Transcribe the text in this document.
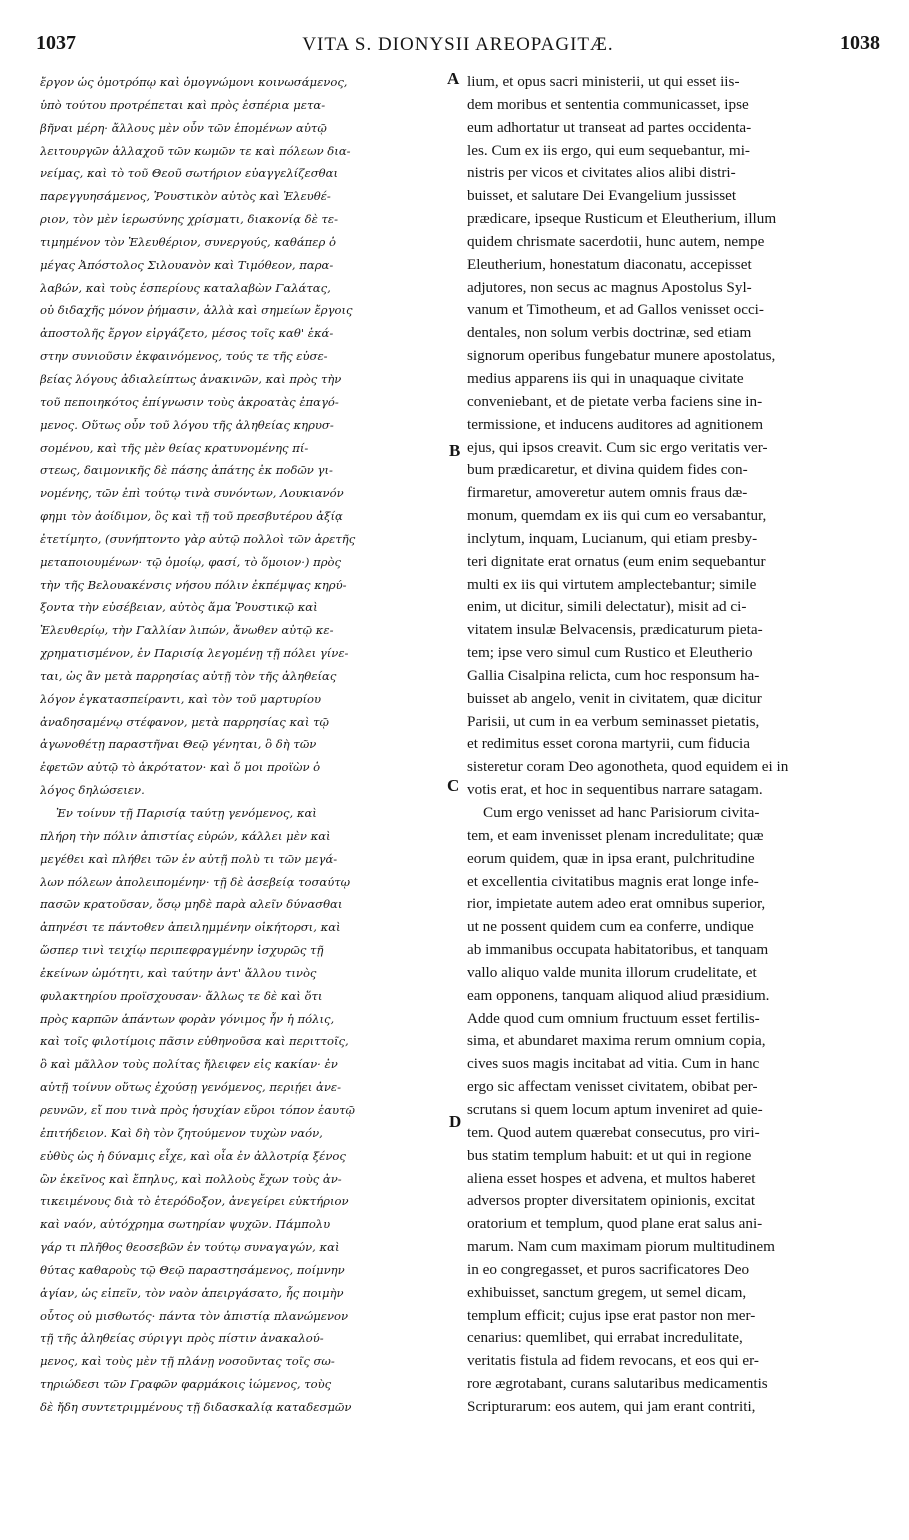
1037	VITA S. DIONYSII AREOPAGITÆ.	1038
ἔργον ὡς ὁμοτρόπῳ καὶ ὁμογνώμονι κοινωσάμενος,
ὑπὸ τούτου προτρέπεται καὶ πρὸς ἑσπέρια μετα-
βῆναι μέρη· ἄλλους μὲν οὖν τῶν ἑπομένων αὐτῷ
λειτουργῶν ἀλλαχοῦ τῶν κωμῶν τε καὶ πόλεων δια-
νείμας, καὶ τὸ τοῦ Θεοῦ σωτήριον εὐαγγελίζεσθαι
παρεγγυησάμενος, Ῥουστικὸν αὐτὸς καὶ Ἐλευθέ-
ριον, τὸν μὲν ἱερωσύνης χρίσματι, διακονίᾳ δὲ τε-
τιμημένον τὸν Ἐλευθέριον, συνεργούς, καθάπερ ὁ
μέγας Ἀπόστολος Σιλουανὸν καὶ Τιμόθεον, παρα-
λαβών, καὶ τοὺς ἑσπερίους καταλαβὼν Γαλάτας,
οὐ διδαχῆς μόνον ῥήμασιν, ἀλλὰ καὶ σημείων ἔργοις
ἀποστολῆς ἔργον εἰργάζετο, μέσος τοῖς καθ' ἑκά-
στην συνιοῦσιν ἐκφαινόμενος, τούς τε τῆς εὐσε-
βείας λόγους ἀδιαλείπτως ἀνακινῶν, καὶ πρὸς τὴν
τοῦ πεποιηκότος ἐπίγνωσιν τοὺς ἀκροατὰς ἐπαγό-
μενος. Οὕτως οὖν τοῦ λόγου τῆς ἀληθείας κηρυσ-
σομένου, καὶ τῆς μὲν θείας κρατυνομένης πί-
στεως, δαιμονικῆς δὲ πάσης ἀπάτης ἐκ ποδῶν γι-
νομένης, τῶν ἐπὶ τούτῳ τινὰ συνόντων, Λουκιανόν
φημι τὸν ἀοίδιμον, ὃς καὶ τῇ τοῦ πρεσβυτέρου ἀξίᾳ
ἐτετίμητο, (συνήπτοντο γὰρ αὐτῷ πολλοὶ τῶν ἀρετῆς
μεταποιουμένων· τῷ ὁμοίῳ, φασί, τὸ ὅμοιον·) πρὸς
τὴν τῆς Βελουακένσις νήσου πόλιν ἐκπέμψας κηρύ-
ξοντα τὴν εὐσέβειαν, αὐτὸς ἅμα Ῥουστικῷ καὶ
Ἐλευθερίῳ, τὴν Γαλλίαν λιπών, ἄνωθεν αὐτῷ κε-
χρηματισμένον, ἐν Παρισίᾳ λεγομένῃ τῇ πόλει γίνε-
ται, ὡς ἂν μετὰ παρρησίας αὐτῇ τὸν τῆς ἀληθείας
λόγον ἐγκατασπείραντι, καὶ τὸν τοῦ μαρτυρίου
ἀναδησαμένῳ στέφανον, μετὰ παρρησίας καὶ τῷ
ἀγωνοθέτῃ παραστῆναι Θεῷ γένηται, ὃ δὴ τῶν
ἐφετῶν αὐτῷ τὸ ἀκρότατον· καὶ ὅ μοι προϊὼν ὁ
λόγος δηλώσειεν.
Ἐν τοίνυν τῇ Παρισίᾳ ταύτῃ γενόμενος, καὶ
πλήρη τὴν πόλιν ἀπιστίας εὑρών, κάλλει μὲν καὶ
μεγέθει καὶ πλήθει τῶν ἐν αὐτῇ πολὺ τι τῶν μεγά-
λων πόλεων ἀπολειπομένην· τῇ δὲ ἀσεβείᾳ τοσαύτῳ
πασῶν κρατοῦσαν, ὅσῳ μηδὲ παρὰ αλεῖν δύνασθαι
ἀπηνέσι τε πάντοθεν ἀπειλημμένην οἰκήτορσι, καὶ
ὥσπερ τινὶ τειχίῳ περιπεφραγμένην ἰσχυρῶς τῇ
ἐκείνων ὠμότητι, καὶ ταύτην ἀντ' ἄλλου τινὸς
φυλακτηρίου προϊσχουσαν· ἄλλως τε δὲ καὶ ὅτι
πρὸς καρπῶν ἁπάντων φορὰν γόνιμος ἦν ἡ πόλις,
καὶ τοῖς φιλοτίμοις πᾶσιν εὐθηνοῦσα καὶ περιττοῖς,
ὃ καὶ μᾶλλον τοὺς πολίτας ἤλειφεν εἰς κακίαν· ἐν
αὐτῇ τοίνυν οὕτως ἐχούσῃ γενόμενος, περιῄει ἀνε-
ρευνῶν, εἴ που τινὰ πρὸς ἡσυχίαν εὕροι τόπον ἑαυτῷ
ἐπιτήδειον. Καὶ δὴ τὸν ζητούμενον τυχὼν ναόν,
εὐθὺς ὡς ἡ δύναμις εἶχε, καὶ οἷα ἐν ἀλλοτρίᾳ ξένος
ὢν ἐκεῖνος καὶ ἔπηλυς, καὶ πολλοὺς ἔχων τοὺς ἀν-
τικειμένους διὰ τὸ ἑτερόδοξον, ἀνεγείρει εὐκτήριον
καὶ ναόν, αὐτόχρημα σωτηρίαν ψυχῶν. Πάμπολυ
γάρ τι πλῆθος θεοσεβῶν ἐν τούτῳ συναγαγών, καὶ
θύτας καθαροὺς τῷ Θεῷ παραστησάμενος, ποίμνην
ἁγίαν, ὡς εἰπεῖν, τὸν ναὸν ἀπειργάσατο, ἧς ποιμὴν
οὗτος οὐ μισθωτός· πάντα τὸν ἀπιστίᾳ πλανώμενον
τῇ τῆς ἀληθείας σύριγγι πρὸς πίστιν ἀνακαλού-
μενος, καὶ τοὺς μὲν τῇ πλάνῃ νοσοῦντας τοῖς σω-
τηριώδεσι τῶν Γραφῶν φαρμάκοις ἰώμενος, τοὺς
δὲ ἤδη συντετριμμένους τῇ διδασκαλίᾳ καταδεσμῶν
lium, et opus sacri ministerii, ut qui esset iis-
dem moribus et sententia communicasset, ipse
eum adhortatur ut transeat ad partes occidenta-
les. Cum ex iis ergo, qui eum sequebantur, mi-
nistris per vicos et civitates alios alibi distri-
buisset, et salutare Dei Evangelium jussisset
prædicare, ipseque Rusticum et Eleutherium, illum
quidem chrismate sacerdotii, hunc autem, nempe
Eleutherium, honestatum diaconatu, accepisset
adjutores, non secus ac magnus Apostolus Syl-
vanum et Timotheum, et ad Gallos venisset occi-
dentales, non solum verbis doctrinæ, sed etiam
signorum operibus fungebatur munere apostolatus,
medius apparens iis qui in unaquaque civitate
conveniebant, et de pietate verba faciens sine in-
termissione, et inducens auditores ad agnitionem
ejus, qui ipsos creavit. Cum sic ergo veritatis ver-
bum prædicaretur, et divina quidem fides con-
firmaretur, amoveretur autem omnis fraus dæ-
monum, quemdam ex iis qui cum eo versabantur,
inclytum, inquam, Lucianum, qui etiam presby-
teri dignitate erat ornatus (eum enim sequebantur
multi ex iis qui virtutem amplectebantur; simile
enim, ut dicitur, simili delectatur), misit ad ci-
vitatem insulæ Belvacensis, prædicaturum pieta-
tem; ipse vero simul cum Rustico et Eleutherio
Gallia Cisalpina relicta, cum hoc responsum ha-
buisset ab angelo, venit in civitatem, quæ dicitur
Parisii, ut cum in ea verbum seminasset pietatis,
et redimitus esset corona martyrii, cum fiducia
sisteretur coram Deo agonotheta, quod equidem ei in
votis erat, et hoc in sequentibus narrare satagam.
Cum ergo venisset ad hanc Parisiorum civita-
tem, et eam invenisset plenam incredulitate; quæ
eorum quidem, quæ in ipsa erant, pulchritudine
et excellentia civitatibus magnis erat longe infe-
rior, impietate autem adeo erat omnibus superior,
ut ne possent quidem cum ea conferre, undique
ab immanibus occupata habitatoribus, et tanquam
vallo aliquo valde munita illorum crudelitate, et
eam opponens, tanquam aliquod aliud præsidium.
Adde quod cum omnium fructuum esset fertilis-
sima, et abundaret maxima rerum omnium copia,
cives suos magis incitabat ad vitia. Cum in hanc
ergo sic affectam venisset civitatem, obibat per-
scrutans si quem locum aptum inveniret ad quie-
tem. Quod autem quærebat consecutus, pro viri-
bus statim templum habuit: et ut qui in regione
aliena esset hospes et advena, et multos haberet
adversos propter diversitatem opinionis, excitat
oratorium et templum, quod plane erat salus ani-
marum. Nam cum maximam piorum multitudinem
in eo congregasset, et puros sacrificatores Deo
exhibuisset, sanctum gregem, ut semel dicam,
templum efficit; cujus ipse erat pastor non mer-
cenarius: quemlibet, qui errabat incredulitate,
veritatis fistula ad fidem revocans, et eos qui er-
rore ægrotabant, curans salutaribus medicamentis
Scripturarum: eos autem, qui jam erant contriti,
A
B
C
D
